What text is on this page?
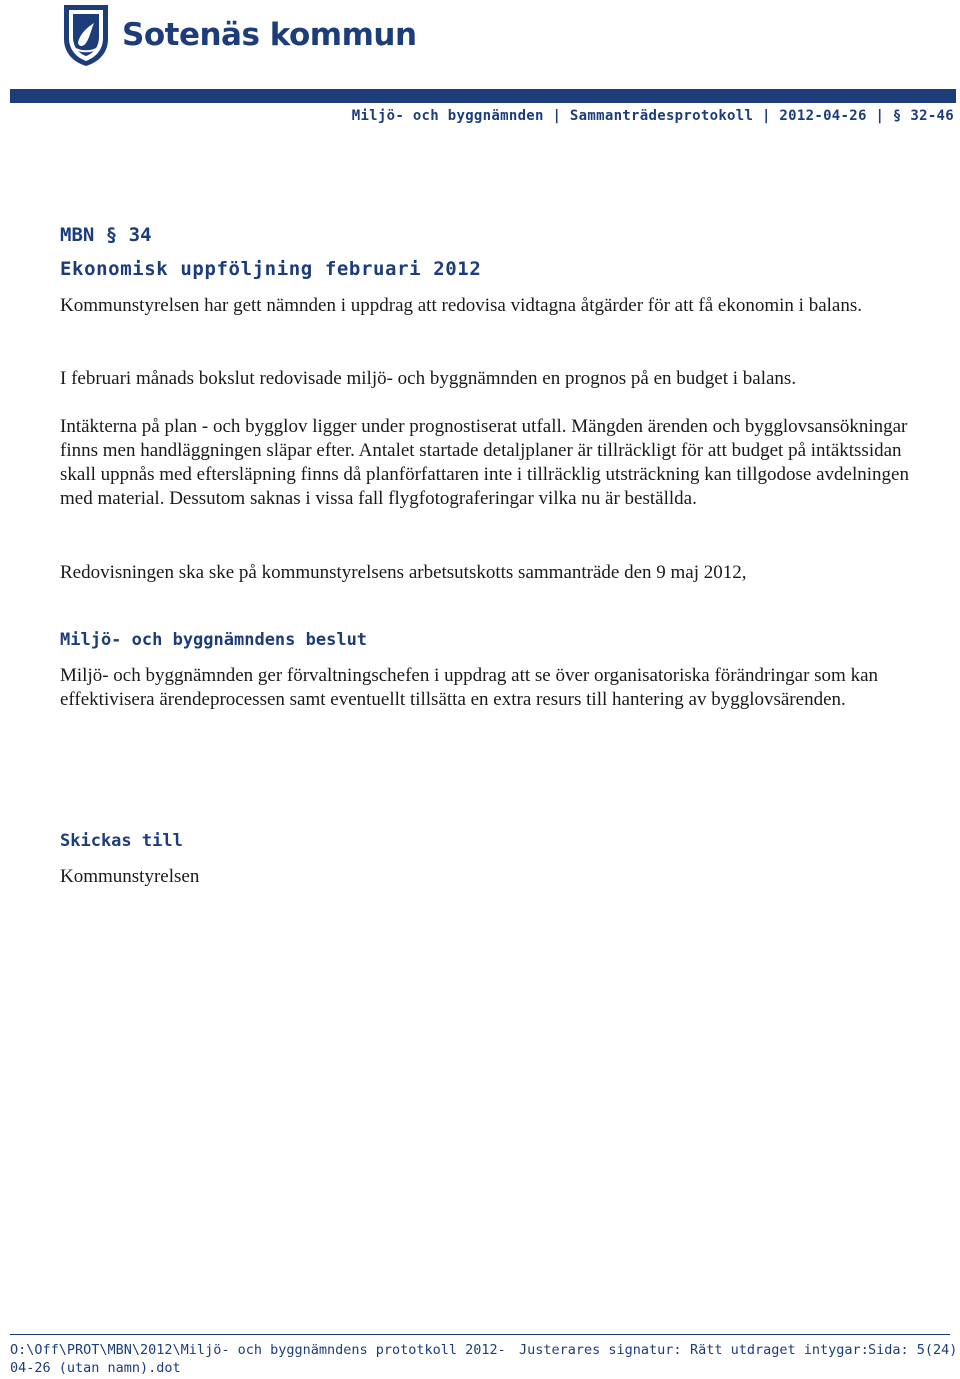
Sotenäs kommun
Miljö- och byggnämnden | Sammanträdesprotokoll | 2012-04-26 | § 32-46
MBN § 34
Ekonomisk uppföljning februari 2012

Kommunstyrelsen har gett nämnden i uppdrag att redovisa vidtagna åtgärder för att få ekonomin i balans.

I februari månads bokslut redovisade miljö- och byggnämnden en prognos på en budget i balans.

Intäkterna på plan - och bygglov ligger under prognostiserat utfall. Mängden ärenden och bygglovsansökningar finns men handläggningen släpar efter. Antalet startade detaljplaner är tillräckligt för att budget på intäktssidan skall uppnås med eftersläpning finns då planförfattaren inte i tillräcklig utsträckning kan tillgodose avdelningen med material. Dessutom saknas i vissa fall flygfotograferingar vilka nu är beställda.

Redovisningen ska ske på kommunstyrelsens arbetsutskotts sammanträde den 9 maj 2012,

Miljö- och byggnämndens beslut

Miljö- och byggnämnden ger förvaltningschefen i uppdrag att se över organisatoriska förändringar som kan effektivisera ärendeprocessen samt eventuellt tillsätta en extra resurs till hantering av bygglovsärenden.

Skickas till

Kommunstyrelsen

O:\Off\PROT\MBN\2012\Miljö- och byggnämndens prototkoll 2012-
04-26 (utan namn).dot
Justerares signatur: Rätt utdraget intygar: Sida: 5(24)
